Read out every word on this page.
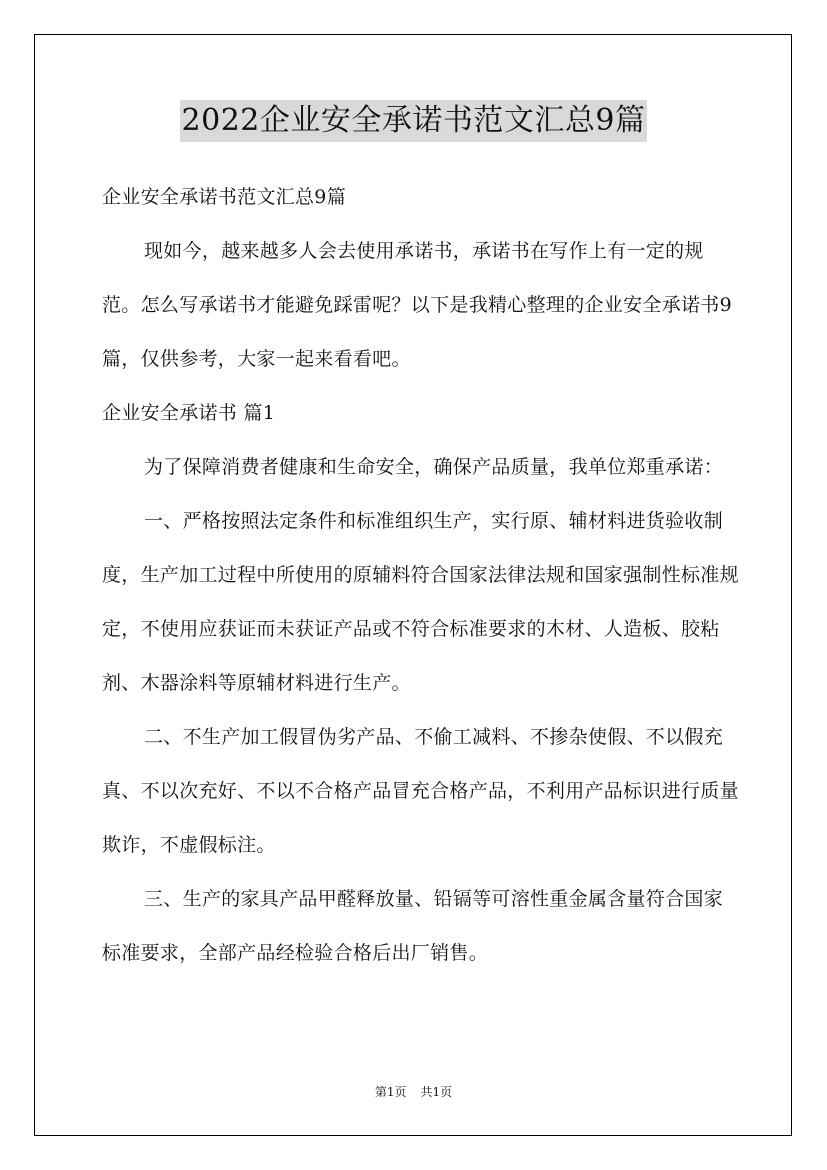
2022企业安全承诺书范文汇总9篇

企业安全承诺书范文汇总9篇

现如今，越来越多人会去使用承诺书，承诺书在写作上有一定的规范。怎么写承诺书才能避免踩雷呢？以下是我精心整理的企业安全承诺书9篇，仅供参考，大家一起来看看吧。

企业安全承诺书 篇1

为了保障消费者健康和生命安全，确保产品质量，我单位郑重承诺：

一、严格按照法定条件和标准组织生产，实行原、辅材料进货验收制度，生产加工过程中所使用的原辅料符合国家法律法规和国家强制性标准规定，不使用应获证而未获证产品或不符合标准要求的木材、人造板、胶粘剂、木器涂料等原辅材料进行生产。

二、不生产加工假冒伪劣产品、不偷工减料、不掺杂使假、不以假充真、不以次充好、不以不合格产品冒充合格产品，不利用产品标识进行质量欺诈，不虚假标注。

三、生产的家具产品甲醛释放量、铅镉等可溶性重金属含量符合国家标准要求，全部产品经检验合格后出厂销售。

第1页 共1页
